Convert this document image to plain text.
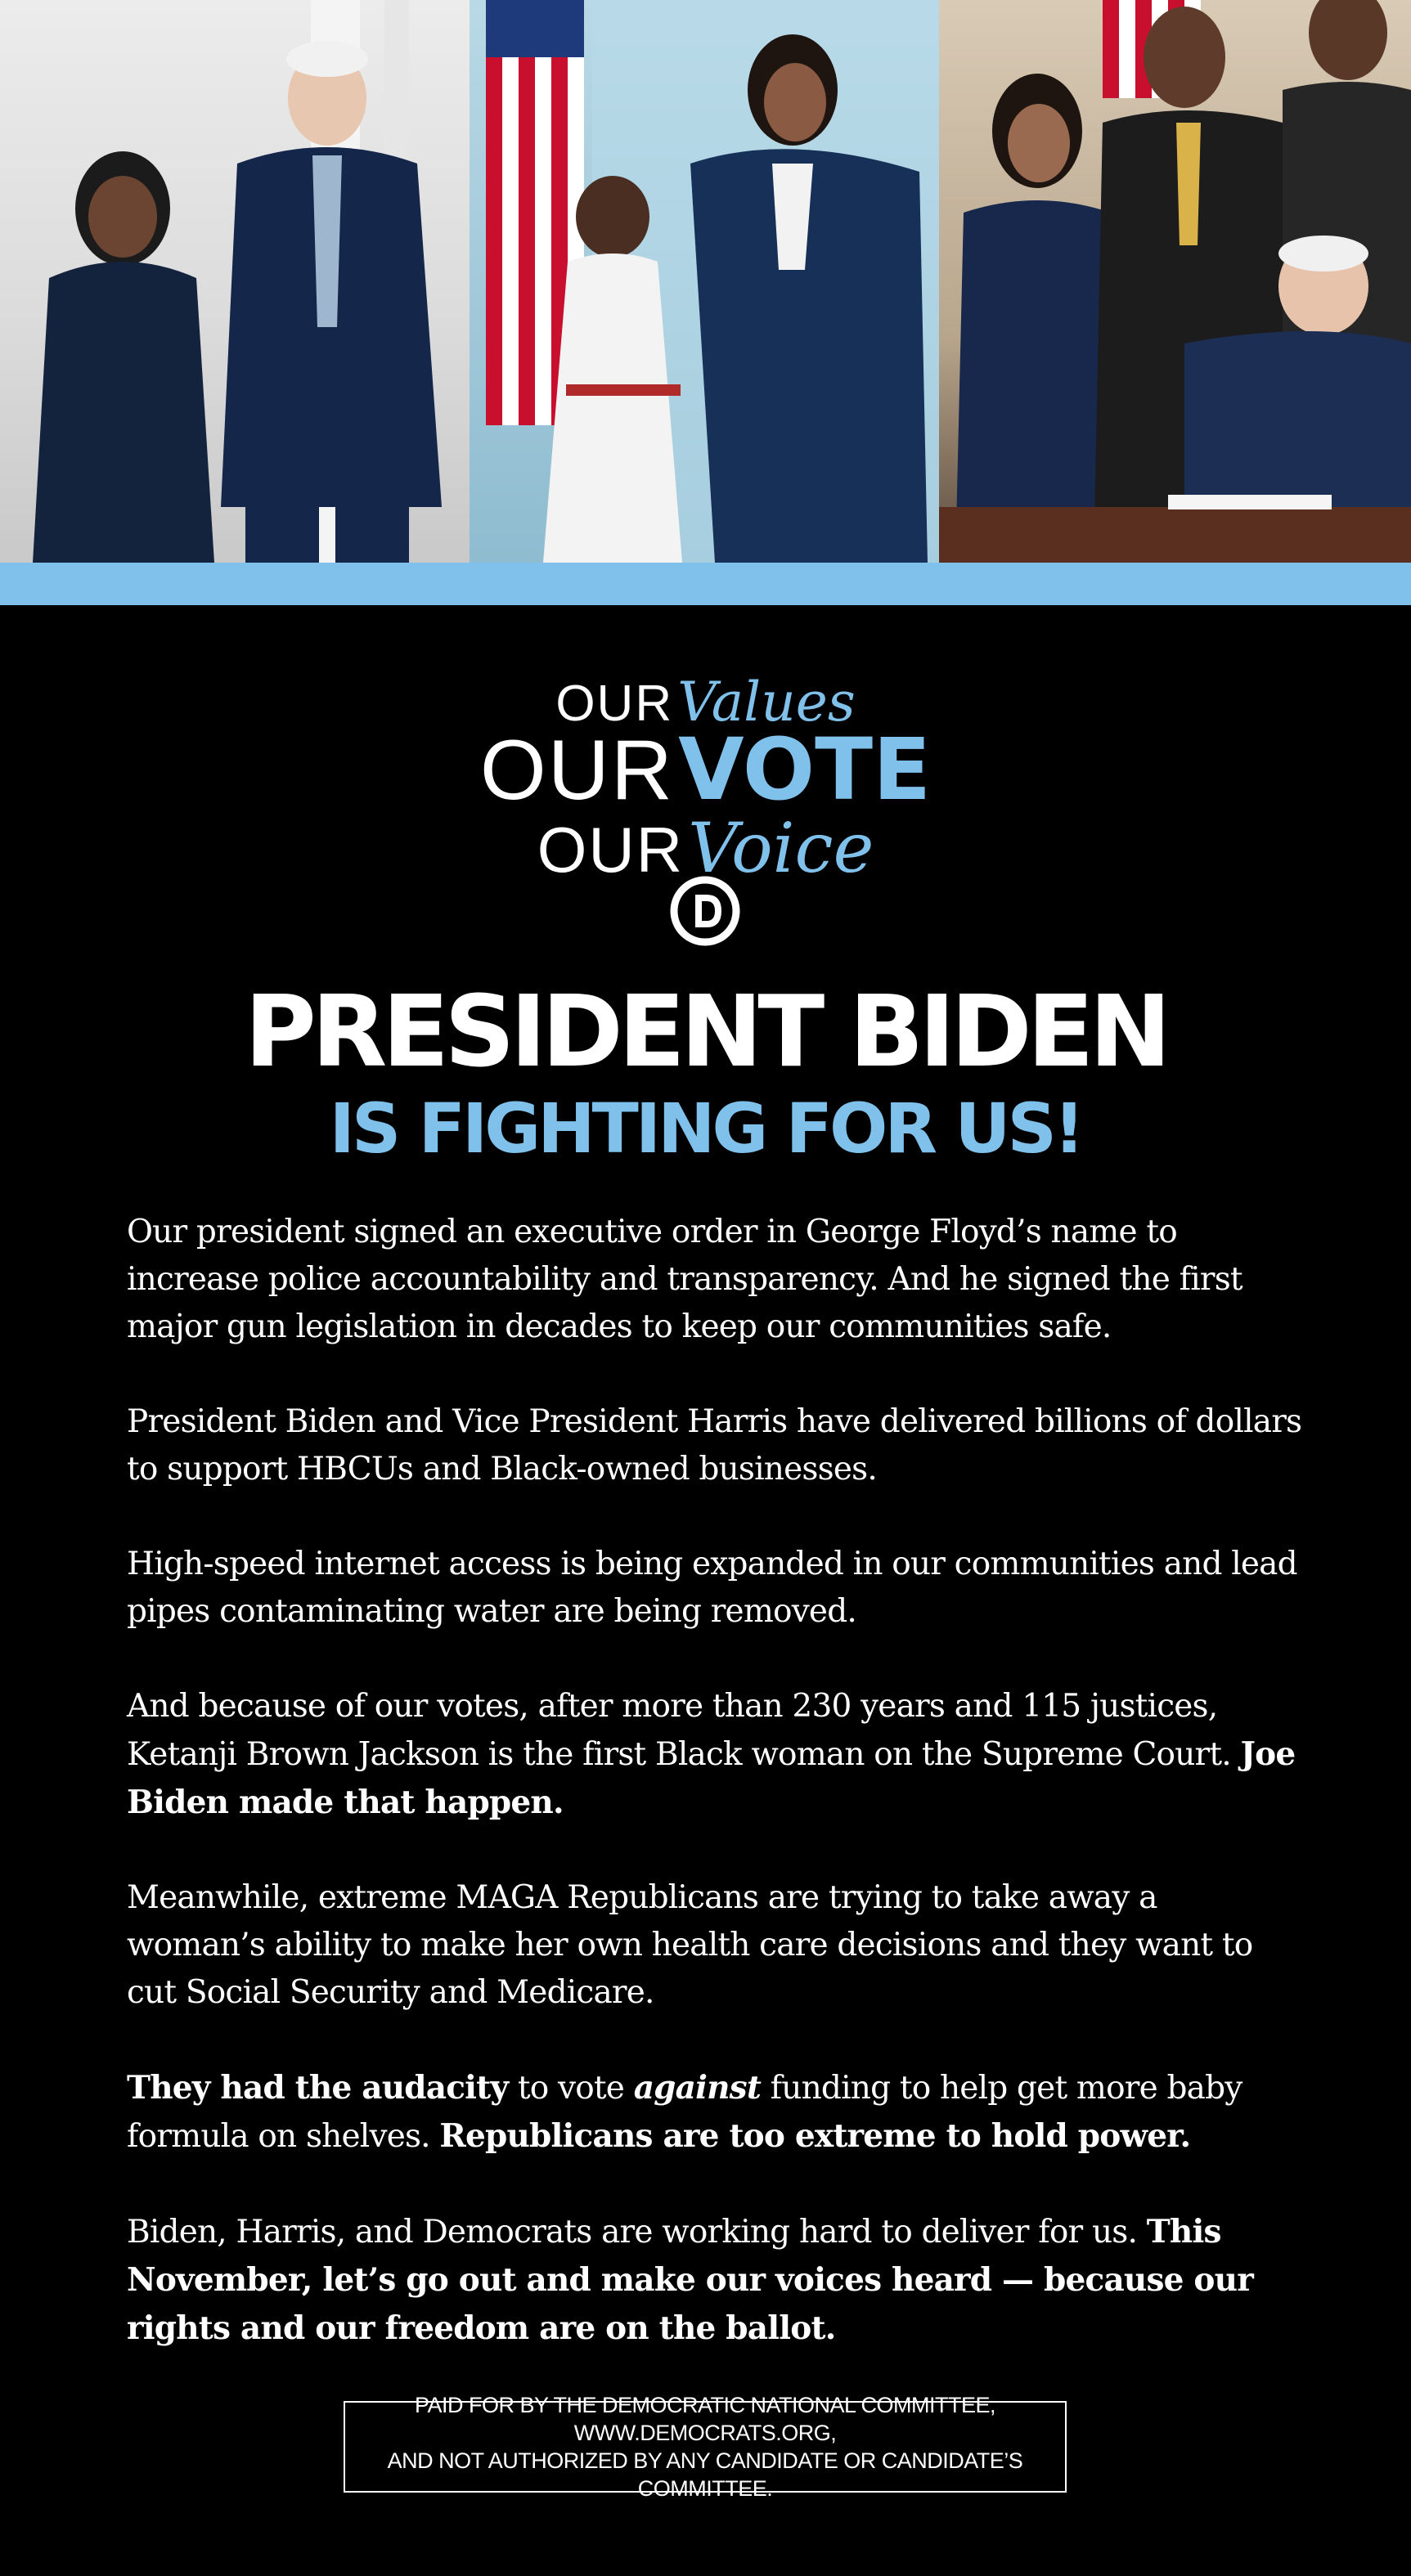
OUR Values
OUR VOTE
OUR Voice
PRESIDENT BIDEN
IS FIGHTING FOR US!

Our president signed an executive order in George Floyd’s name to increase police accountability and transparency. And he signed the first major gun legislation in decades to keep our communities safe.

President Biden and Vice President Harris have delivered billions of dollars to support HBCUs and Black-owned businesses.

High-speed internet access is being expanded in our communities and lead pipes contaminating water are being removed.

And because of our votes, after more than 230 years and 115 justices, Ketanji Brown Jackson is the first Black woman on the Supreme Court. Joe Biden made that happen.

Meanwhile, extreme MAGA Republicans are trying to take away a woman’s ability to make her own health care decisions and they want to cut Social Security and Medicare.

They had the audacity to vote against funding to help get more baby formula on shelves. Republicans are too extreme to hold power.

Biden, Harris, and Democrats are working hard to deliver for us. This November, let’s go out and make our voices heard — because our rights and our freedom are on the ballot.

PAID FOR BY THE DEMOCRATIC NATIONAL COMMITTEE, WWW.DEMOCRATS.ORG,
AND NOT AUTHORIZED BY ANY CANDIDATE OR CANDIDATE’S COMMITTEE.
